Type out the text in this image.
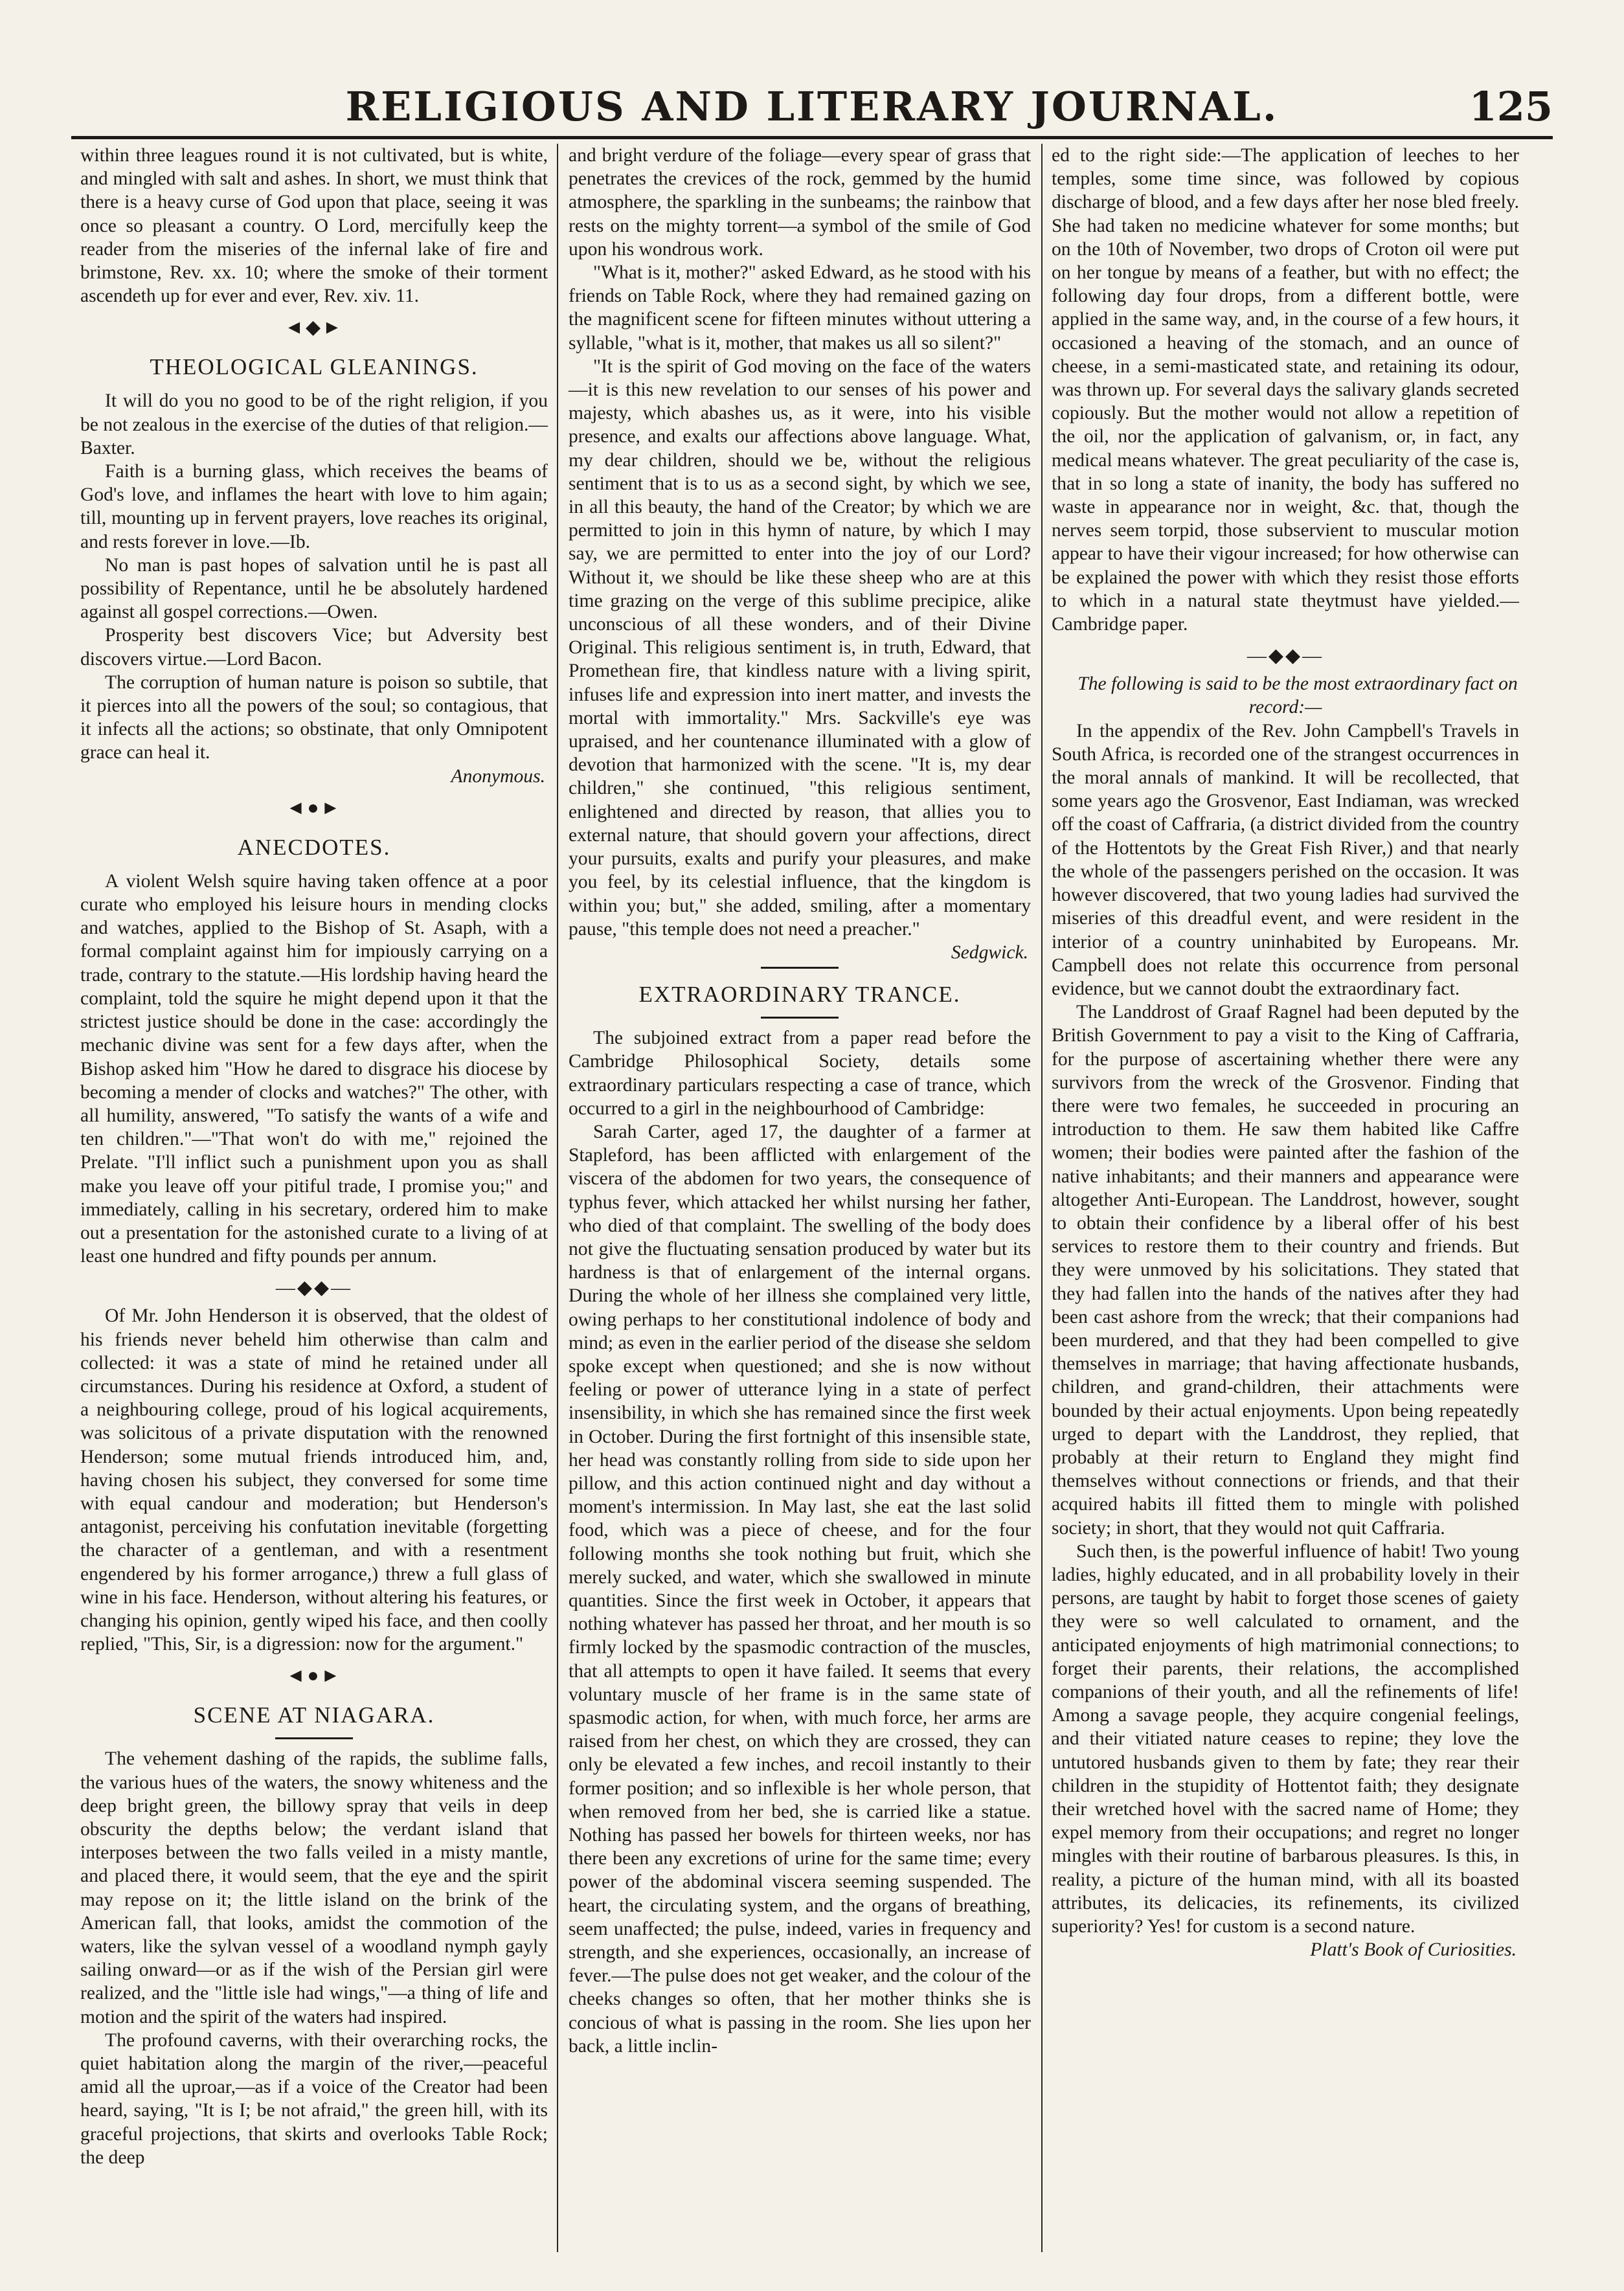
RELIGIOUS AND LITERARY JOURNAL.	125

within three leagues round it is not cultivated, but is white, and mingled with salt and ashes. In short, we must think that there is a heavy curse of God upon that place, seeing it was once so pleasant a country. O Lord, mercifully keep the reader from the miseries of the infernal lake of fire and brimstone, Rev. xx. 10; where the smoke of their torment ascendeth up for ever and ever, Rev. xiv. 11.

◄◆►
THEOLOGICAL GLEANINGS.

It will do you no good to be of the right religion, if you be not zealous in the exercise of the duties of that religion.—Baxter.

Faith is a burning glass, which receives the beams of God's love, and inflames the heart with love to him again; till, mounting up in fervent prayers, love reaches its original, and rests forever in love.—Ib.

No man is past hopes of salvation until he is past all possibility of Repentance, until he be absolutely hardened against all gospel corrections.—Owen.

Prosperity best discovers Vice; but Adversity best discovers virtue.—Lord Bacon.

The corruption of human nature is poison so subtile, that it pierces into all the powers of the soul; so contagious, that it infects all the actions; so obstinate, that only Omnipotent grace can heal it.

Anonymous.

◄●►
ANECDOTES.

A violent Welsh squire having taken offence at a poor curate who employed his leisure hours in mending clocks and watches, applied to the Bishop of St. Asaph, with a formal complaint against him for impiously carrying on a trade, contrary to the statute.—His lordship having heard the complaint, told the squire he might depend upon it that the strictest justice should be done in the case: accordingly the mechanic divine was sent for a few days after, when the Bishop asked him "How he dared to disgrace his diocese by becoming a mender of clocks and watches?" The other, with all humility, answered, "To satisfy the wants of a wife and ten children."—"That won't do with me," rejoined the Prelate. "I'll inflict such a punishment upon you as shall make you leave off your pitiful trade, I promise you;" and immediately, calling in his secretary, ordered him to make out a presentation for the astonished curate to a living of at least one hundred and fifty pounds per annum.

—◆◆—

Of Mr. John Henderson it is observed, that the oldest of his friends never beheld him otherwise than calm and collected: it was a state of mind he retained under all circumstances. During his residence at Oxford, a student of a neighbouring college, proud of his logical acquirements, was solicitous of a private disputation with the renowned Henderson; some mutual friends introduced him, and, having chosen his subject, they conversed for some time with equal candour and moderation; but Henderson's antagonist, perceiving his confutation inevitable (forgetting the character of a gentleman, and with a resentment engendered by his former arrogance,) threw a full glass of wine in his face. Henderson, without altering his features, or changing his opinion, gently wiped his face, and then coolly replied, "This, Sir, is a digression: now for the argument."

◄●►
SCENE AT NIAGARA.

The vehement dashing of the rapids, the sublime falls, the various hues of the waters, the snowy whiteness and the deep bright green, the billowy spray that veils in deep obscurity the depths below; the verdant island that interposes between the two falls veiled in a misty mantle, and placed there, it would seem, that the eye and the spirit may repose on it; the little island on the brink of the American fall, that looks, amidst the commotion of the waters, like the sylvan vessel of a woodland nymph gayly sailing onward—or as if the wish of the Persian girl were realized, and the "little isle had wings,"—a thing of life and motion and the spirit of the waters had inspired.

The profound caverns, with their overarching rocks, the quiet habitation along the margin of the river,—peaceful amid all the uproar,—as if a voice of the Creator had been heard, saying, "It is I; be not afraid," the green hill, with its graceful projections, that skirts and overlooks Table Rock; the deep

and bright verdure of the foliage—every spear of grass that penetrates the crevices of the rock, gemmed by the humid atmosphere, the sparkling in the sunbeams; the rainbow that rests on the mighty torrent—a symbol of the smile of God upon his wondrous work.

"What is it, mother?" asked Edward, as he stood with his friends on Table Rock, where they had remained gazing on the magnificent scene for fifteen minutes without uttering a syllable, "what is it, mother, that makes us all so silent?"

"It is the spirit of God moving on the face of the waters—it is this new revelation to our senses of his power and majesty, which abashes us, as it were, into his visible presence, and exalts our affections above language. What, my dear children, should we be, without the religious sentiment that is to us as a second sight, by which we see, in all this beauty, the hand of the Creator; by which we are permitted to join in this hymn of nature, by which I may say, we are permitted to enter into the joy of our Lord? Without it, we should be like these sheep who are at this time grazing on the verge of this sublime precipice, alike unconscious of all these wonders, and of their Divine Original. This religious sentiment is, in truth, Edward, that Promethean fire, that kindless nature with a living spirit, infuses life and expression into inert matter, and invests the mortal with immortality." Mrs. Sackville's eye was upraised, and her countenance illuminated with a glow of devotion that harmonized with the scene. "It is, my dear children," she continued, "this religious sentiment, enlightened and directed by reason, that allies you to external nature, that should govern your affections, direct your pursuits, exalts and purify your pleasures, and make you feel, by its celestial influence, that the kingdom is within you; but," she added, smiling, after a momentary pause, "this temple does not need a preacher."

Sedgwick.

EXTRAORDINARY TRANCE.

The subjoined extract from a paper read before the Cambridge Philosophical Society, details some extraordinary particulars respecting a case of trance, which occurred to a girl in the neighbourhood of Cambridge:

Sarah Carter, aged 17, the daughter of a farmer at Stapleford, has been afflicted with enlargement of the viscera of the abdomen for two years, the consequence of typhus fever, which attacked her whilst nursing her father, who died of that complaint. The swelling of the body does not give the fluctuating sensation produced by water but its hardness is that of enlargement of the internal organs. During the whole of her illness she complained very little, owing perhaps to her constitutional indolence of body and mind; as even in the earlier period of the disease she seldom spoke except when questioned; and she is now without feeling or power of utterance lying in a state of perfect insensibility, in which she has remained since the first week in October. During the first fortnight of this insensible state, her head was constantly rolling from side to side upon her pillow, and this action continued night and day without a moment's intermission. In May last, she eat the last solid food, which was a piece of cheese, and for the four following months she took nothing but fruit, which she merely sucked, and water, which she swallowed in minute quantities. Since the first week in October, it appears that nothing whatever has passed her throat, and her mouth is so firmly locked by the spasmodic contraction of the muscles, that all attempts to open it have failed. It seems that every voluntary muscle of her frame is in the same state of spasmodic action, for when, with much force, her arms are raised from her chest, on which they are crossed, they can only be elevated a few inches, and recoil instantly to their former position; and so inflexible is her whole person, that when removed from her bed, she is carried like a statue. Nothing has passed her bowels for thirteen weeks, nor has there been any excretions of urine for the same time; every power of the abdominal viscera seeming suspended. The heart, the circulating system, and the organs of breathing, seem unaffected; the pulse, indeed, varies in frequency and strength, and she experiences, occasionally, an increase of fever.—The pulse does not get weaker, and the colour of the cheeks changes so often, that her mother thinks she is concious of what is passing in the room. She lies upon her back, a little inclin-

ed to the right side:—The application of leeches to her temples, some time since, was followed by copious discharge of blood, and a few days after her nose bled freely. She had taken no medicine whatever for some months; but on the 10th of November, two drops of Croton oil were put on her tongue by means of a feather, but with no effect; the following day four drops, from a different bottle, were applied in the same way, and, in the course of a few hours, it occasioned a heaving of the stomach, and an ounce of cheese, in a semi-masticated state, and retaining its odour, was thrown up. For several days the salivary glands secreted copiously. But the mother would not allow a repetition of the oil, nor the application of galvanism, or, in fact, any medical means whatever. The great peculiarity of the case is, that in so long a state of inanity, the body has suffered no waste in appearance nor in weight, &c. that, though the nerves seem torpid, those subservient to muscular motion appear to have their vigour increased; for how otherwise can be explained the power with which they resist those efforts to which in a natural state theytmust have yielded.—Cambridge paper.

—◆◆—

The following is said to be the most extraordinary fact on record:—

In the appendix of the Rev. John Campbell's Travels in South Africa, is recorded one of the strangest occurrences in the moral annals of mankind. It will be recollected, that some years ago the Grosvenor, East Indiaman, was wrecked off the coast of Caffraria, (a district divided from the country of the Hottentots by the Great Fish River,) and that nearly the whole of the passengers perished on the occasion. It was however discovered, that two young ladies had survived the miseries of this dreadful event, and were resident in the interior of a country uninhabited by Europeans. Mr. Campbell does not relate this occurrence from personal evidence, but we cannot doubt the extraordinary fact.

The Landdrost of Graaf Ragnel had been deputed by the British Government to pay a visit to the King of Caffraria, for the purpose of ascertaining whether there were any survivors from the wreck of the Grosvenor. Finding that there were two females, he succeeded in procuring an introduction to them. He saw them habited like Caffre women; their bodies were painted after the fashion of the native inhabitants; and their manners and appearance were altogether Anti-European. The Landdrost, however, sought to obtain their confidence by a liberal offer of his best services to restore them to their country and friends. But they were unmoved by his solicitations. They stated that they had fallen into the hands of the natives after they had been cast ashore from the wreck; that their companions had been murdered, and that they had been compelled to give themselves in marriage; that having affectionate husbands, children, and grand-children, their attachments were bounded by their actual enjoyments. Upon being repeatedly urged to depart with the Landdrost, they replied, that probably at their return to England they might find themselves without connections or friends, and that their acquired habits ill fitted them to mingle with polished society; in short, that they would not quit Caffraria.

Such then, is the powerful influence of habit! Two young ladies, highly educated, and in all probability lovely in their persons, are taught by habit to forget those scenes of gaiety they were so well calculated to ornament, and the anticipated enjoyments of high matrimonial connections; to forget their parents, their relations, the accomplished companions of their youth, and all the refinements of life! Among a savage people, they acquire congenial feelings, and their vitiated nature ceases to repine; they love the untutored husbands given to them by fate; they rear their children in the stupidity of Hottentot faith; they designate their wretched hovel with the sacred name of Home; they expel memory from their occupations; and regret no longer mingles with their routine of barbarous pleasures. Is this, in reality, a picture of the human mind, with all its boasted attributes, its delicacies, its refinements, its civilized superiority? Yes! for custom is a second nature.

Platt's Book of Curiosities.
